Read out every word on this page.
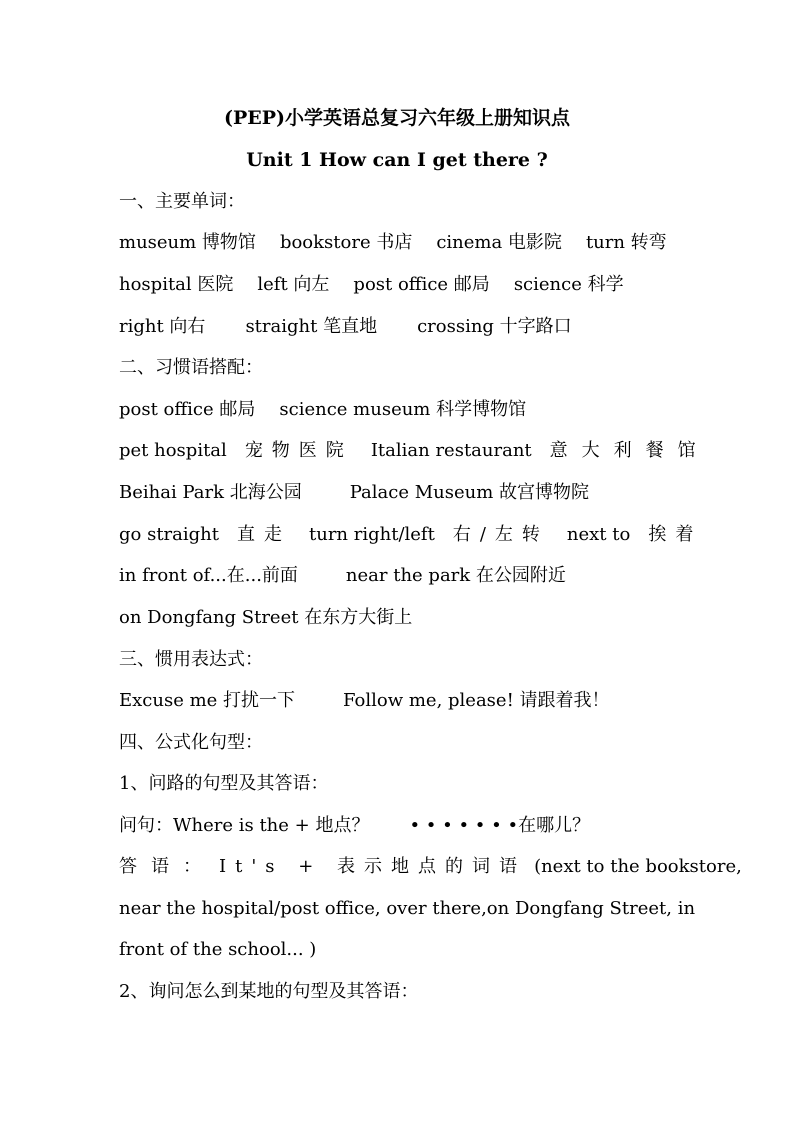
(PEP)小学英语总复习六年级上册知识点
Unit 1 How can I get there ?
一、主要单词：
museum 博物馆 bookstore 书店 cinema 电影院 turn 转弯
hospital 医院 left 向左 post office 邮局 science 科学
right 向右 straight 笔直地 crossing 十字路口
二、习惯语搭配：
post office 邮局 science museum 科学博物馆
pet hospital 宠物医院 Italian restaurant 意大利餐馆
Beihai Park 北海公园	Palace Museum 故宫博物院
go straight 直走 turn right/left 右/左转 next to 挨着
in front of...在...前面	near the park 在公园附近
on Dongfang Street 在东方大街上
三、惯用表达式：
Excuse me 打扰一下	Follow me, please! 请跟着我！
四、公式化句型：
1、问路的句型及其答语：
问句：Where is the + 地点？ • • • • • • •在哪儿？
答语： It's + 表示地点的词语 (next to the bookstore,
near the hospital/post office, over there,on Dongfang Street, in
front of the school... )
2、询问怎么到某地的句型及其答语：
